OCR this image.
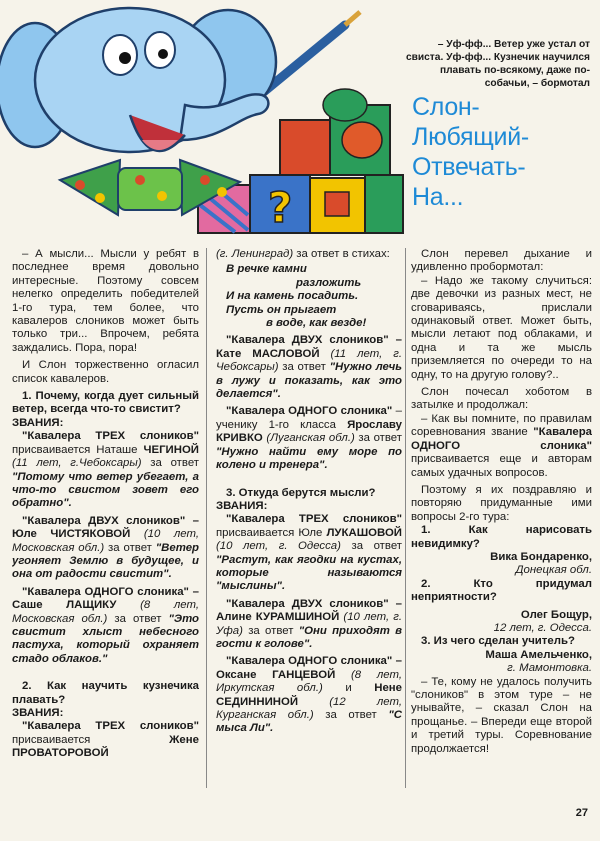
?
– Уф-фф... Ветер уже устал от свиста. Уф-фф... Кузнечик научился плавать по-всякому, даже по-собачьи, – бормотал
Слон-
Любящий-
Отвечать-
На...

– А мысли... Мысли у ребят в последнее время довольно интересные. Поэтому совсем нелегко определить победителей 1-го тура, тем более, что кавалеров слоников может быть только три... Впрочем, ребята заждались. Пора, пора!

И Слон торжественно огласил список кавалеров.

1. Почему, когда дует сильный ветер, всегда что-то свистит?

ЗВАНИЯ:

"Кавалера ТРЕХ слоников" присваивается Наташе ЧЕГИНОЙ (11 лет, г.Чебоксары) за ответ "Потому что ветер убегает, а что-то свистом зовет его обратно".

"Кавалера ДВУХ слоников" – Юле ЧИСТЯКОВОЙ (10 лет, Московская обл.) за ответ "Ветер угоняет Землю в будущее, и она от радости свистит".

"Кавалера ОДНОГО слоника" – Саше ЛАЩИКУ (8 лет, Московская обл.) за ответ "Это свистит хлыст небесного пастуха, который охраняет стадо облаков."

2. Как научить кузнечика плавать?

ЗВАНИЯ:

"Кавалера ТРЕХ слоников" присваивается Жене ПРОВАТОРОВОЙ

(г. Ленинград) за ответ в стихах:

В речке камни
разложить
И на камень посадить.
Пусть он прыгает
в воде, как везде!

"Кавалера ДВУХ слоников" – Кате МАСЛОВОЙ (11 лет, г. Чебоксары) за ответ "Нужно лечь в лужу и показать, как это делается".

"Кавалера ОДНОГО слоника" – ученику 1-го класса Ярославу КРИВКО (Луганская обл.) за ответ "Нужно найти ему море по колено и тренера".

3. Откуда берутся мысли?

ЗВАНИЯ:

"Кавалера ТРЕХ слоников" присваивается Юле ЛУКАШОВОЙ (10 лет, г. Одесса) за ответ "Растут, как ягодки на кустах, которые называются "мыслины".

"Кавалера ДВУХ слоников" – Алине КУРАМШИНОЙ (10 лет, г. Уфа) за ответ "Они приходят в гости к голове".

"Кавалера ОДНОГО слоника" – Оксане ГАНЦЕВОЙ (8 лет, Иркутская обл.) и Нене СЕДИННИНОЙ (12 лет, Курганская обл.) за ответ "С мыса Ли".

Слон перевел дыхание и удивленно пробормотал:

– Надо же такому случиться: две девочки из разных мест, не сговариваясь, прислали одинаковый ответ. Может быть, мысли летают под облаками, и одна и та же мысль приземляется по очереди то на одну, то на другую голову?..

Слон почесал хоботом в затылке и продолжал:

– Как вы помните, по правилам соревнования звание "Кавалера ОДНОГО слоника" присваивается еще и авторам самых удачных вопросов.

Поэтому я их поздравляю и повторяю придуманные ими вопросы 2-го тура:

1. Как нарисовать невидимку?

Вика Бондаренко,

Донецкая обл.

2. Кто придумал неприятности?

Олег Бощур,

12 лет, г. Одесса.

3. Из чего сделан учитель?

Маша Амельченко,

г. Мамонтовка.

– Те, кому не удалось получить "слоников" в этом туре – не унывайте, – сказал Слон на прощанье. – Впереди еще второй и третий туры. Соревнование продолжается!

27
